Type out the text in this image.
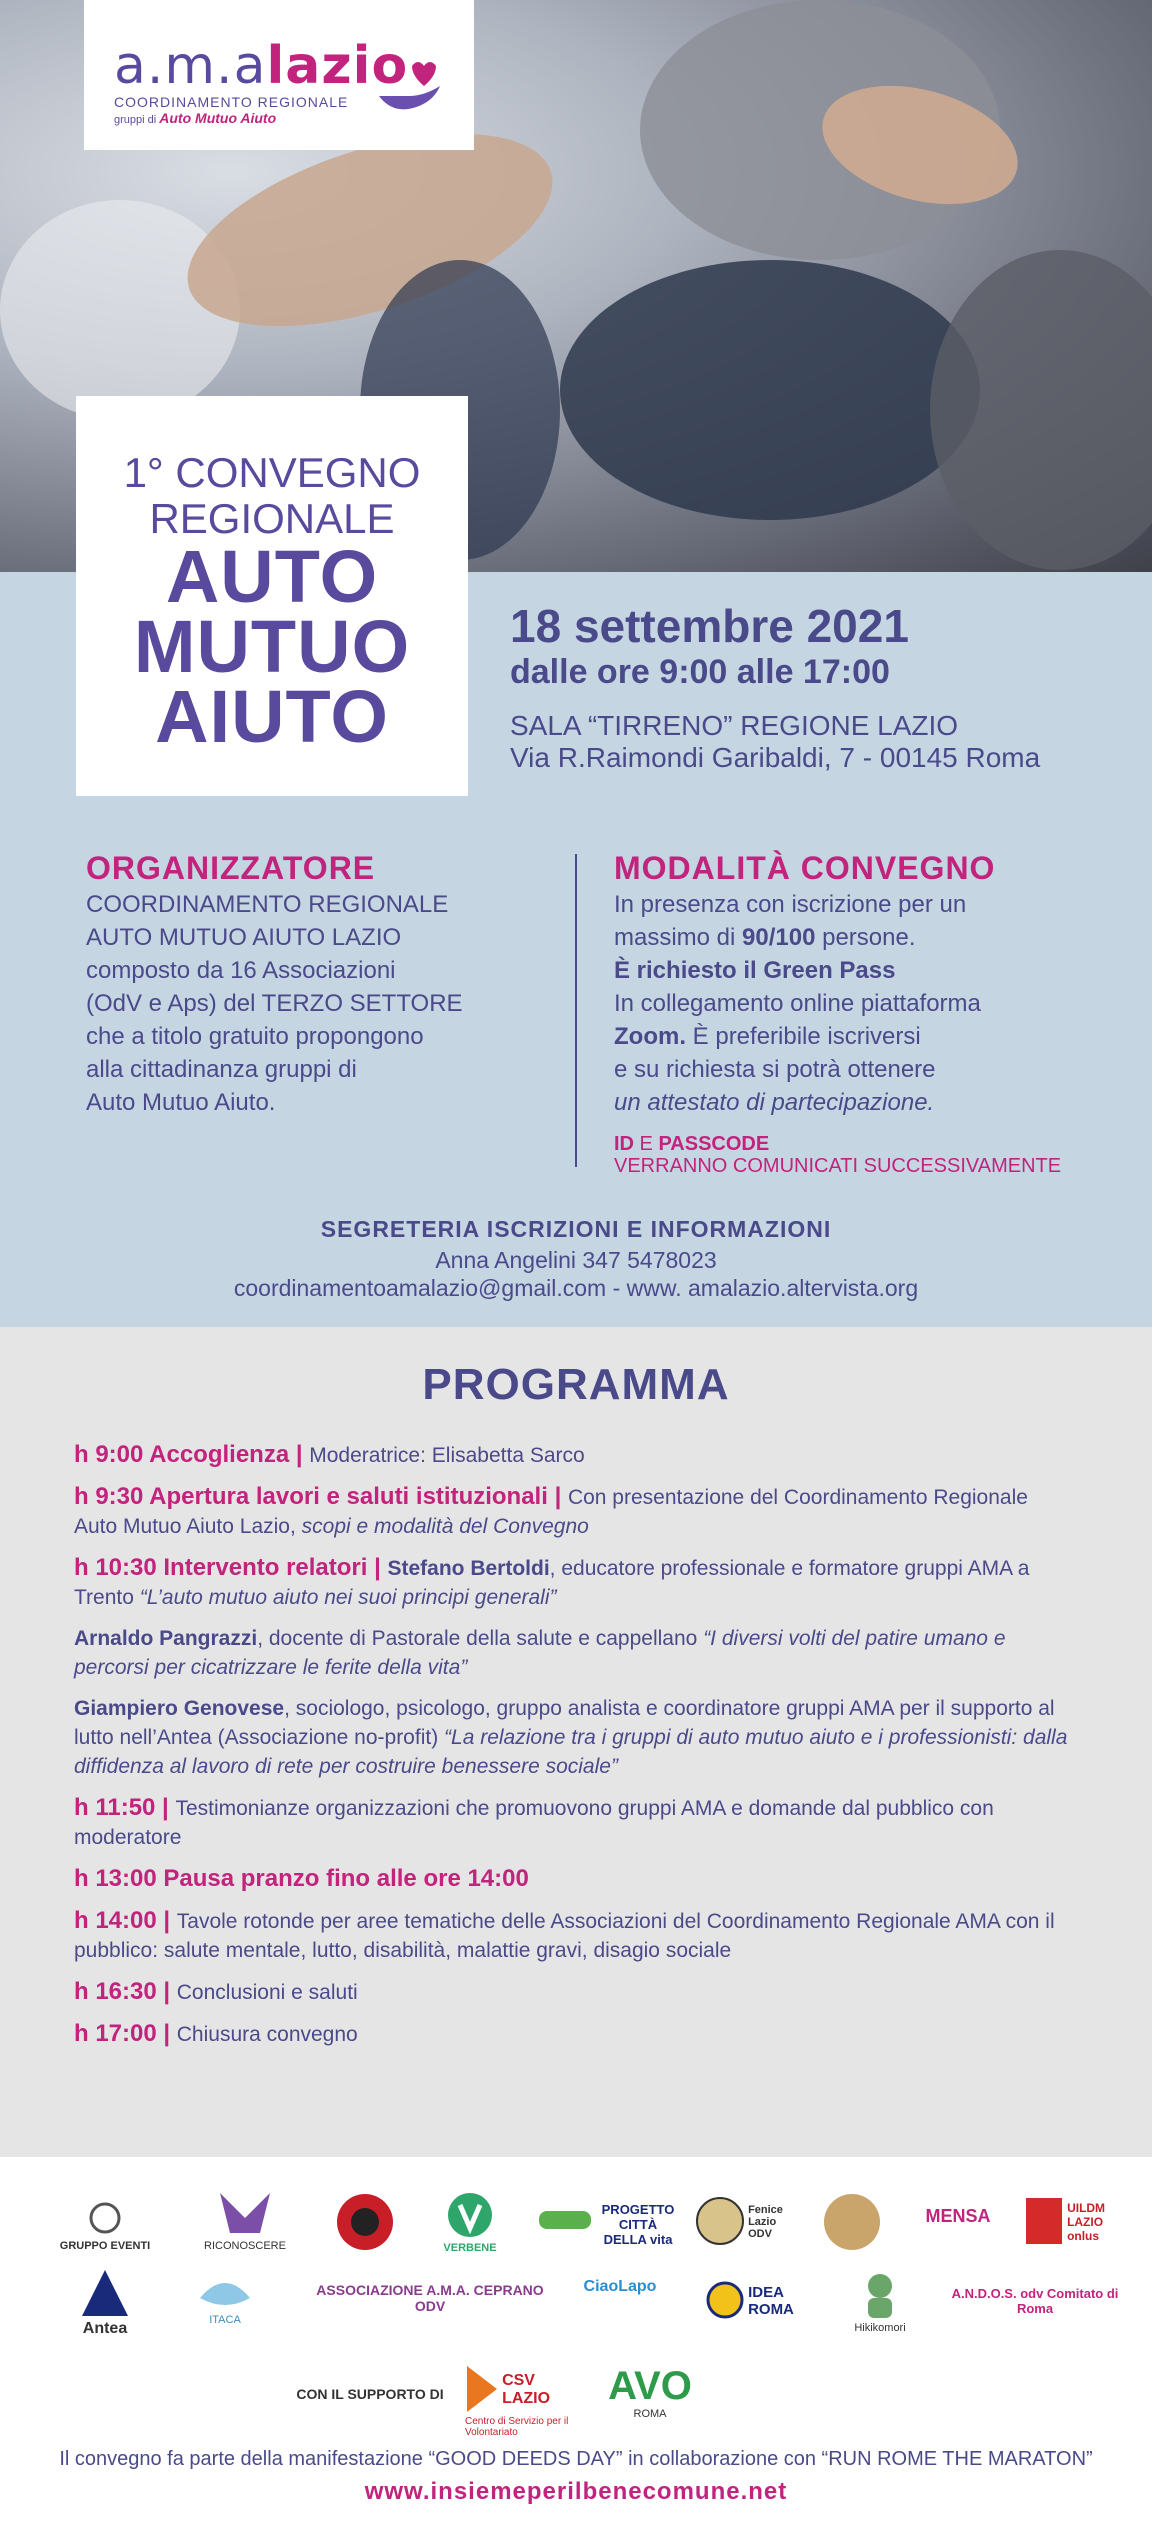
a.m.alazio
COORDINAMENTO REGIONALE
gruppi di Auto Mutuo Aiuto
1° CONVEGNO
REGIONALE
AUTO
MUTUO
AIUTO
18 settembre 2021
dalle ore 9:00 alle 17:00
SALA “TIRRENO” REGIONE LAZIO
Via R.Raimondi Garibaldi, 7 - 00145 Roma
ORGANIZZATORE
COORDINAMENTO REGIONALE
AUTO MUTUO AIUTO LAZIO
composto da 16 Associazioni
(OdV e Aps) del TERZO SETTORE
che a titolo gratuito propongono
alla cittadinanza gruppi di
Auto Mutuo Aiuto.
MODALITÀ CONVEGNO
In presenza con iscrizione per un
massimo di 90/100 persone.
È richiesto il Green Pass
In collegamento online piattaforma
Zoom. È preferibile iscriversi
e su richiesta si potrà ottenere
un attestato di partecipazione.
ID E PASSCODE
VERRANNO COMUNICATI SUCCESSIVAMENTE
SEGRETERIA ISCRIZIONI E INFORMAZIONI
Anna Angelini 347 5478023
coordinamentoamalazio@gmail.com - www. amalazio.altervista.org
PROGRAMMA
h 9:00 Accoglienza | Moderatrice: Elisabetta Sarco
h 9:30 Apertura lavori e saluti istituzionali | Con presentazione del Coordinamento Regionale Auto Mutuo Aiuto Lazio, scopi e modalità del Convegno
h 10:30 Intervento relatori | Stefano Bertoldi, educatore professionale e formatore gruppi AMA a Trento “L’auto mutuo aiuto nei suoi principi generali”
Arnaldo Pangrazzi, docente di Pastorale della salute e cappellano “I diversi volti del patire umano e percorsi per cicatrizzare le ferite della vita”
Giampiero Genovese, sociologo, psicologo, gruppo analista e coordinatore gruppi AMA per il supporto al lutto nell’Antea (Associazione no-profit) “La relazione tra i gruppi di auto mutuo aiuto e i professionisti: dalla diffidenza al lavoro di rete per costruire benessere sociale”
h 11:50 | Testimonianze organizzazioni che promuovono gruppi AMA e domande dal pubblico con moderatore
h 13:00 Pausa pranzo fino alle ore 14:00
h 14:00 | Tavole rotonde per aree tematiche delle Associazioni del Coordinamento Regionale AMA con il pubblico: salute mentale, lutto, disabilità, malattie gravi, disagio sociale
h 16:30 | Conclusioni e saluti
h 17:00 | Chiusura convegno
GRUPPO EVENTI	RICONOSCERE	VERBENE
PROGETTO CITTÀ DELLA vita
Fenice Lazio ODV
MENSA	UILDM LAZIO onlus
Antea	ITACA
ASSOCIAZIONE A.M.A. CEPRANO ODV
CiaoLapo	IDEA ROMA
Hikikomori
A.N.D.O.S. odv Comitato di Roma
CON IL SUPPORTO DI
CSV LAZIO
Centro di Servizio per il Volontariato
AVO
ROMA
Il convegno fa parte della manifestazione “GOOD DEEDS DAY” in collaborazione con “RUN ROME THE MARATON”
www.insiemeperilbenecomune.net
